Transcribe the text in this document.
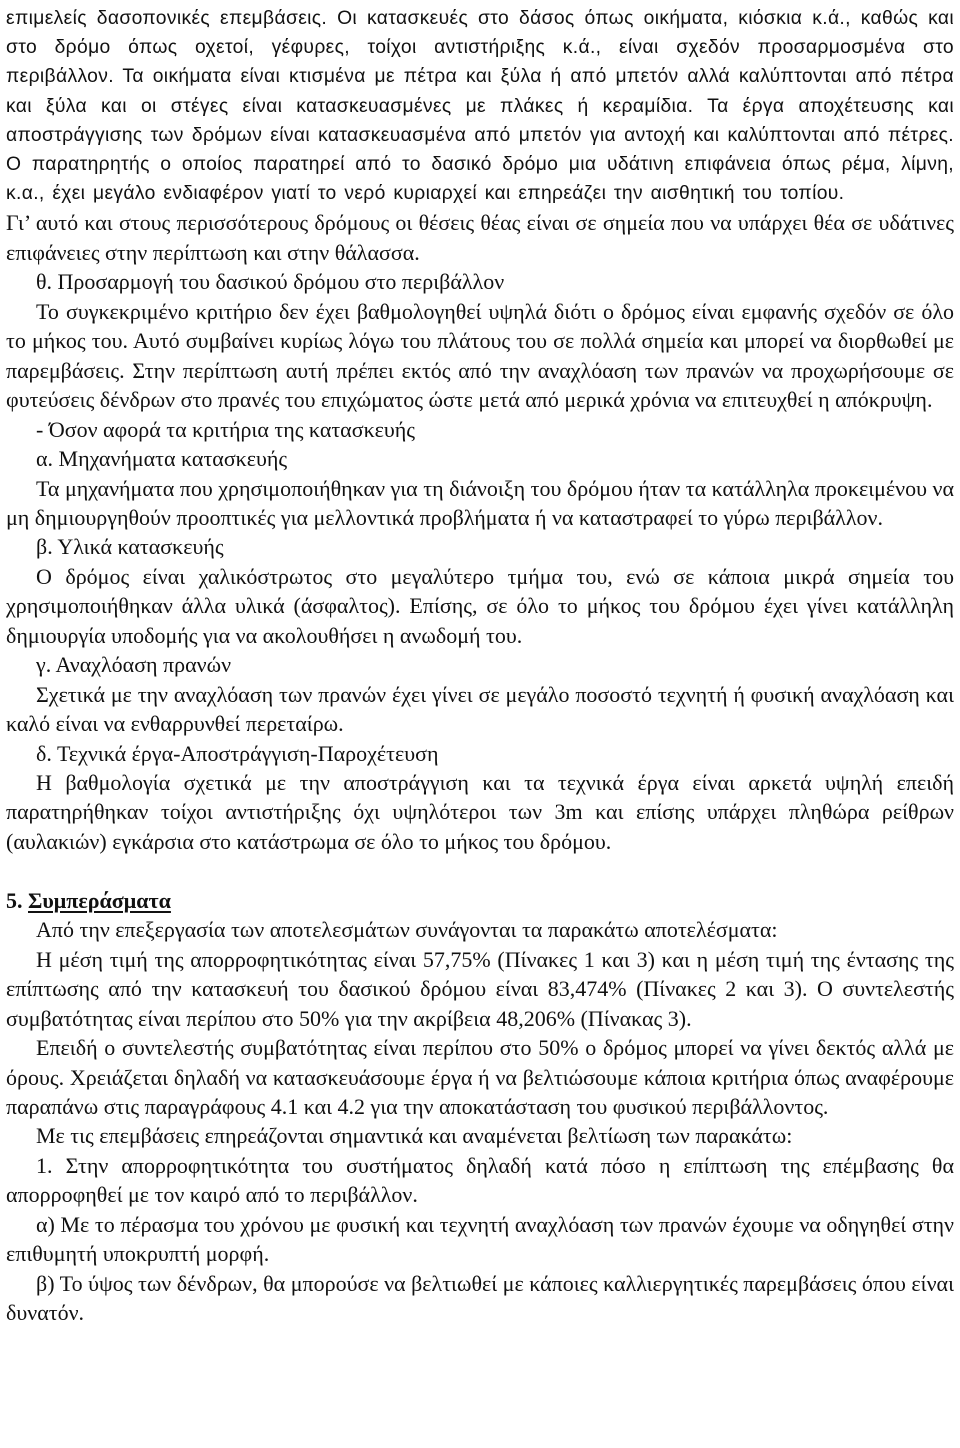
επιμελείς δασοπονικές επεμβάσεις. Οι κατασκευές στο δάσος όπως οικήματα, κιόσκια κ.ά., καθώς και στο δρόμο όπως οχετοί, γέφυρες, τοίχοι αντιστήριξης κ.ά., είναι σχεδόν προσαρμοσμένα στο περιβάλλον. Τα οικήματα είναι κτισμένα με πέτρα και ξύλα ή από μπετόν αλλά καλύπτονται από πέτρα και ξύλα και οι στέγες είναι κατασκευασμένες με πλάκες ή κεραμίδια. Τα έργα αποχέτευσης και αποστράγγισης των δρόμων είναι κατασκευασμένα από μπετόν για αντοχή και καλύπτονται από πέτρες. Ο παρατηρητής ο οποίος παρατηρεί από το δασικό δρόμο μια υδάτινη επιφάνεια όπως ρέμα, λίμνη, κ.α., έχει μεγάλο ενδιαφέρον γιατί το νερό κυριαρχεί και επηρεάζει την αισθητική του τοπίου.

Γι’ αυτό και στους περισσότερους δρόμους οι θέσεις θέας είναι σε σημεία που να υπάρχει θέα σε υδάτινες επιφάνειες στην περίπτωση και στην θάλασσα.

θ. Προσαρμογή του δασικού δρόμου στο περιβάλλον

Το συγκεκριμένο κριτήριο δεν έχει βαθμολογηθεί υψηλά διότι ο δρόμος είναι εμφανής σχεδόν σε όλο το μήκος του. Αυτό συμβαίνει κυρίως λόγω του πλάτους του σε πολλά σημεία και μπορεί να διορθωθεί με παρεμβάσεις. Στην περίπτωση αυτή πρέπει εκτός από την αναχλόαση των πρανών να προχωρήσουμε σε φυτεύσεις δένδρων στο πρανές του επιχώματος ώστε μετά από μερικά χρόνια να επιτευχθεί η απόκρυψη.

- Όσον αφορά τα κριτήρια της κατασκευής

α. Μηχανήματα κατασκευής

Τα μηχανήματα που χρησιμοποιήθηκαν για τη διάνοιξη του δρόμου ήταν τα κατάλληλα προκειμένου να μη δημιουργηθούν προοπτικές για μελλοντικά προβλήματα ή να καταστραφεί το γύρω περιβάλλον.

β. Υλικά κατασκευής

Ο δρόμος είναι χαλικόστρωτος στο μεγαλύτερο τμήμα του, ενώ σε κάποια μικρά σημεία του χρησιμοποιήθηκαν άλλα υλικά (άσφαλτος). Επίσης, σε όλο το μήκος του δρόμου έχει γίνει κατάλληλη δημιουργία υποδομής για να ακολουθήσει η ανωδομή του.

γ. Αναχλόαση πρανών

Σχετικά με την αναχλόαση των πρανών έχει γίνει σε μεγάλο ποσοστό τεχνητή ή φυσική αναχλόαση και καλό είναι να ενθαρρυνθεί περεταίρω.

δ. Τεχνικά έργα-Αποστράγγιση-Παροχέτευση

Η βαθμολογία σχετικά με την αποστράγγιση και τα τεχνικά έργα είναι αρκετά υψηλή επειδή παρατηρήθηκαν τοίχοι αντιστήριξης όχι υψηλότεροι των 3m και επίσης υπάρχει πληθώρα ρείθρων (αυλακιών) εγκάρσια στο κατάστρωμα σε όλο το μήκος του δρόμου.

5. Συμπεράσματα

Από την επεξεργασία των αποτελεσμάτων συνάγονται τα παρακάτω αποτελέσματα:

Η μέση τιμή της απορροφητικότητας είναι 57,75% (Πίνακες 1 και 3) και η μέση τιμή της έντασης της επίπτωσης από την κατασκευή του δασικού δρόμου είναι 83,474% (Πίνακες 2 και 3). Ο συντελεστής συμβατότητας είναι περίπου στο 50% για την ακρίβεια 48,206% (Πίνακας 3).

Επειδή ο συντελεστής συμβατότητας είναι περίπου στο 50% ο δρόμος μπορεί να γίνει δεκτός αλλά με όρους. Χρειάζεται δηλαδή να κατασκευάσουμε έργα ή να βελτιώσουμε κάποια κριτήρια όπως αναφέρουμε παραπάνω στις παραγράφους 4.1 και 4.2 για την αποκατάσταση του φυσικού περιβάλλοντος.

Με τις επεμβάσεις επηρεάζονται σημαντικά και αναμένεται βελτίωση των παρακάτω:

1. Στην απορροφητικότητα του συστήματος δηλαδή κατά πόσο η επίπτωση της επέμβασης θα απορροφηθεί με τον καιρό από το περιβάλλον.

α) Με το πέρασμα του χρόνου με φυσική και τεχνητή αναχλόαση των πρανών έχουμε να οδηγηθεί στην επιθυμητή υποκρυπτή μορφή.

β) Το ύψος των δένδρων, θα μπορούσε να βελτιωθεί με κάποιες καλλιεργητικές παρεμβάσεις όπου είναι δυνατόν.
